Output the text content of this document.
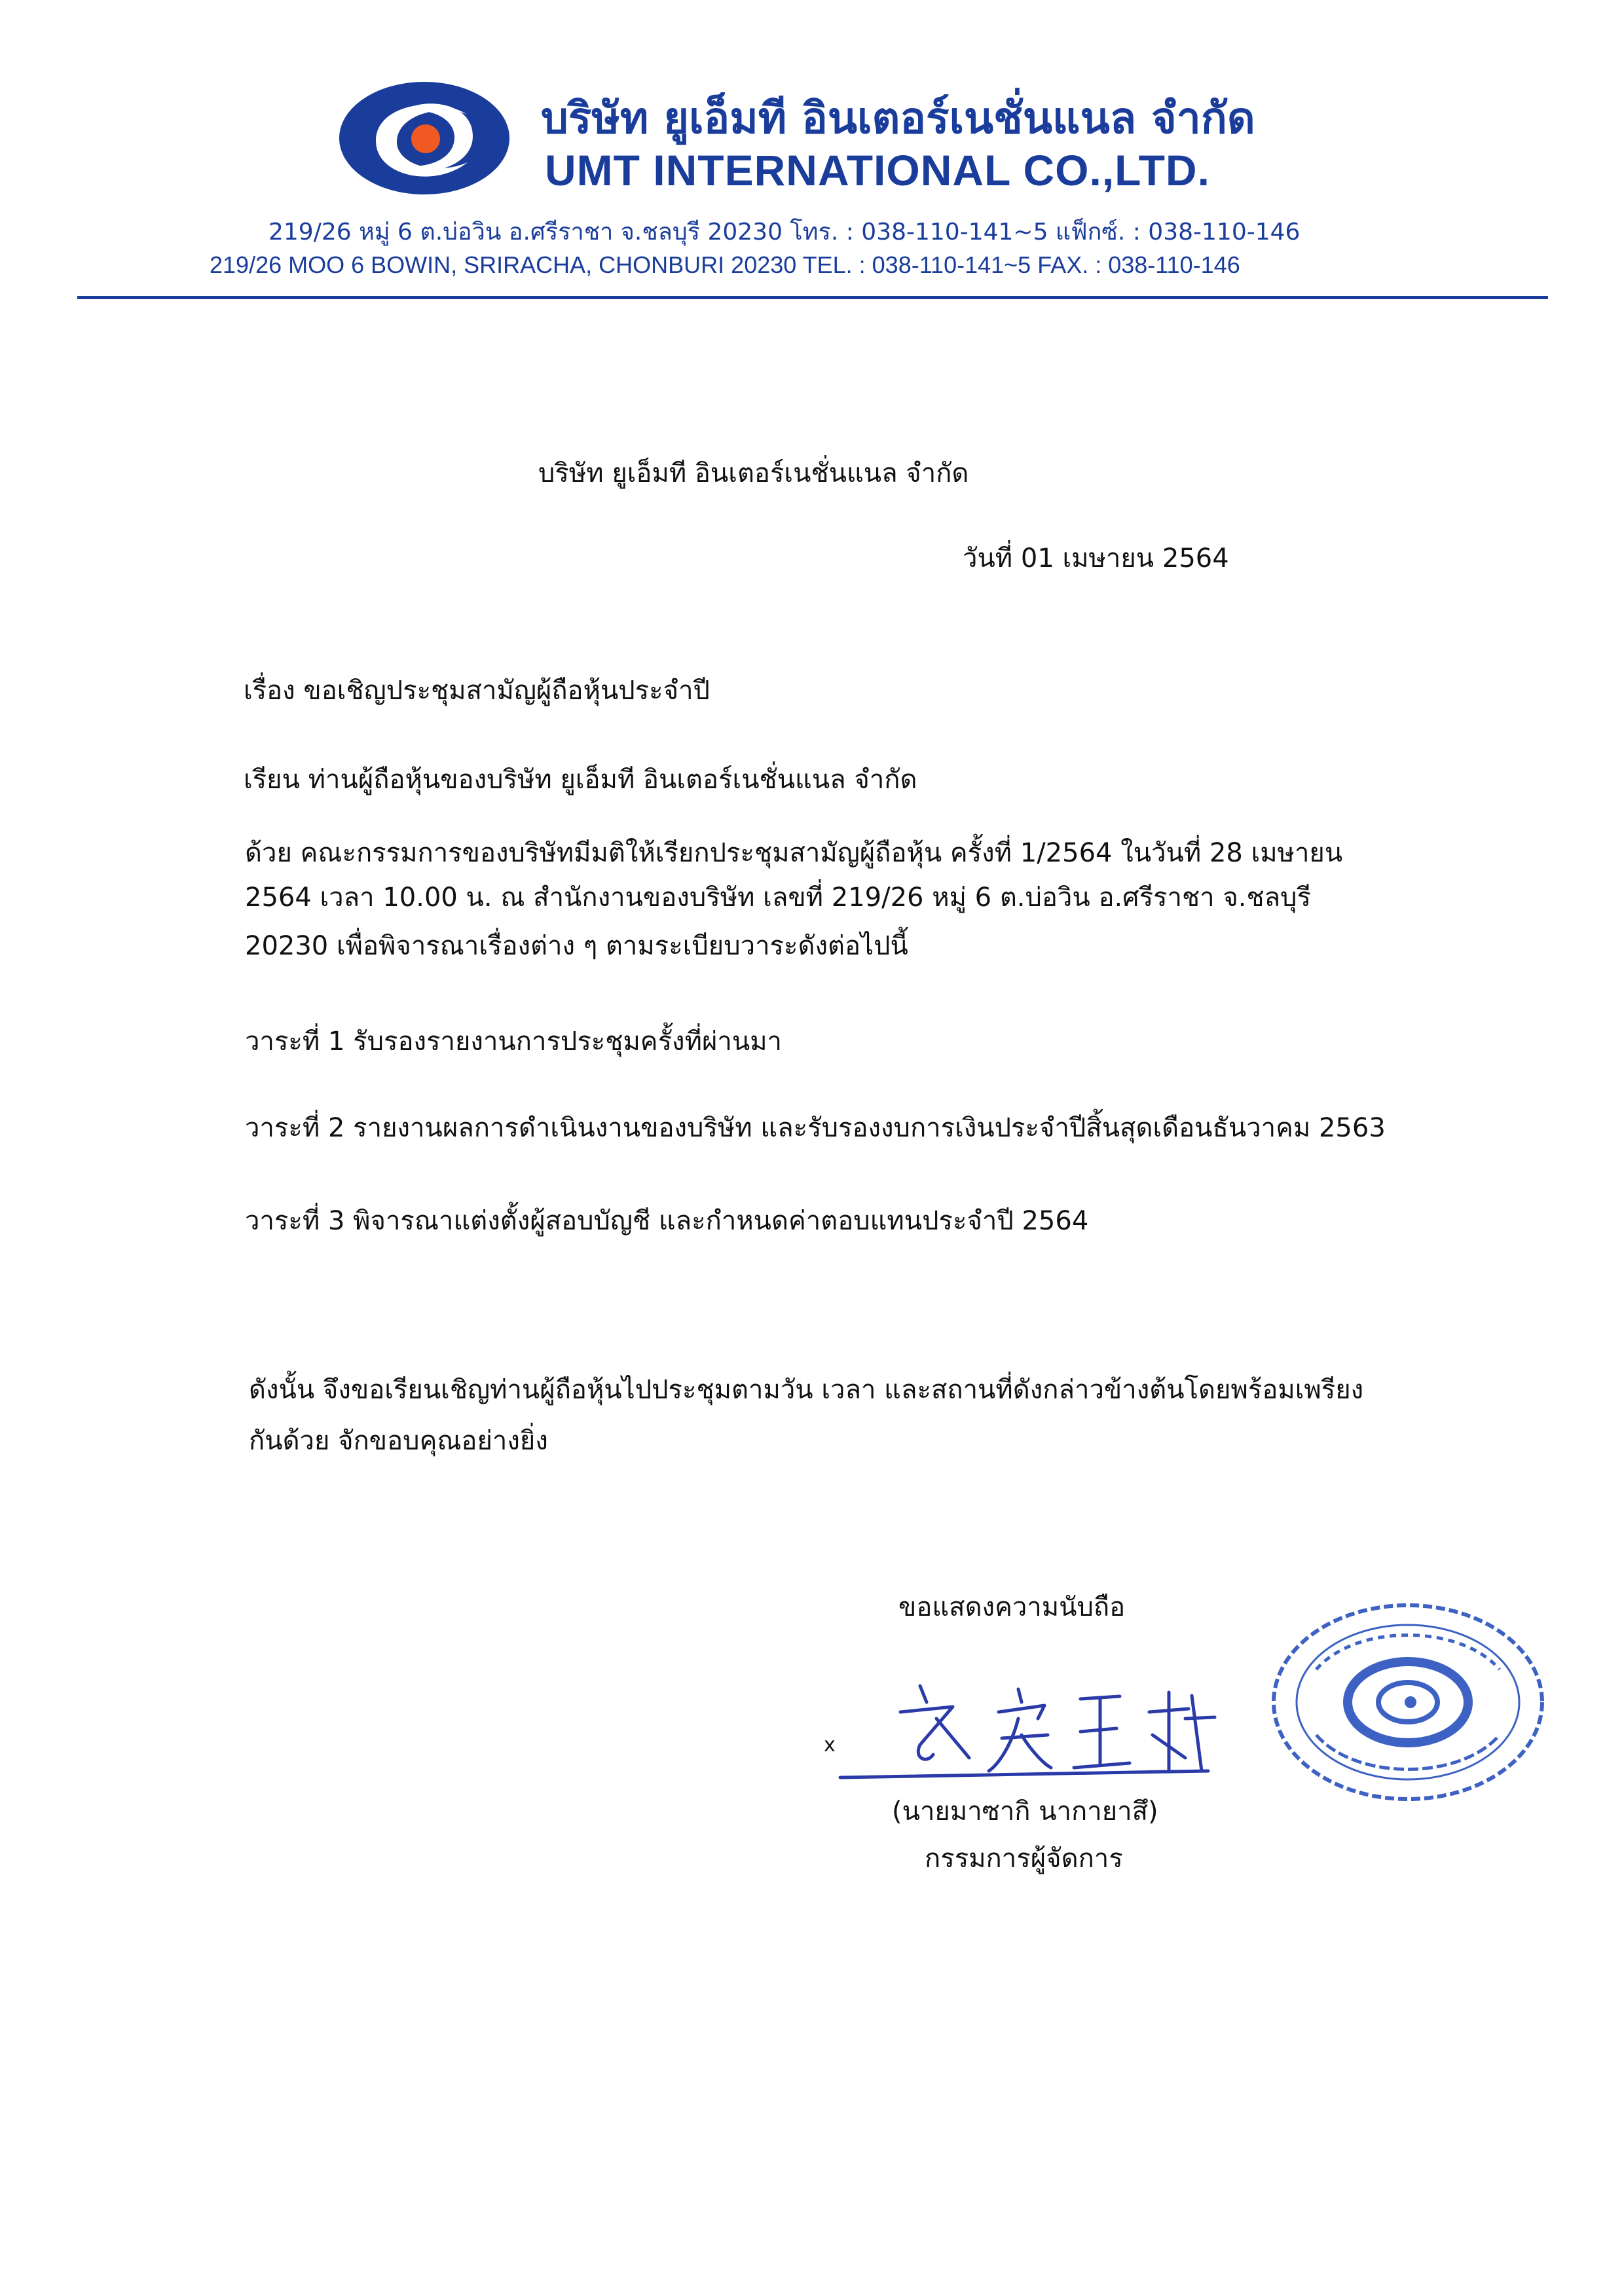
บริษัท ยูเอ็มที อินเตอร์เนชั่นแนล จำกัด
UMT INTERNATIONAL CO.,LTD.
219/26 หมู่ 6 ต.บ่อวิน อ.ศรีราชา จ.ชลบุรี 20230 โทร. : 038-110-141~5 แฟ็กซ์. : 038-110-146
219/26 MOO 6 BOWIN, SRIRACHA, CHONBURI 20230 TEL. : 038-110-141~5 FAX. : 038-110-146
บริษัท ยูเอ็มที อินเตอร์เนชั่นแนล จำกัด
วันที่ 01 เมษายน 2564
เรื่อง ขอเชิญประชุมสามัญผู้ถือหุ้นประจำปี
เรียน ท่านผู้ถือหุ้นของบริษัท ยูเอ็มที อินเตอร์เนชั่นแนล จำกัด
ด้วย คณะกรรมการของบริษัทมีมติให้เรียกประชุมสามัญผู้ถือหุ้น ครั้งที่ 1/2564 ในวันที่ 28 เมษายน
2564 เวลา 10.00 น. ณ สำนักงานของบริษัท เลขที่ 219/26 หมู่ 6 ต.บ่อวิน อ.ศรีราชา จ.ชลบุรี
20230 เพื่อพิจารณาเรื่องต่าง ๆ ตามระเบียบวาระดังต่อไปนี้
วาระที่ 1 รับรองรายงานการประชุมครั้งที่ผ่านมา
วาระที่ 2 รายงานผลการดำเนินงานของบริษัท และรับรองงบการเงินประจำปีสิ้นสุดเดือนธันวาคม 2563
วาระที่ 3 พิจารณาแต่งตั้งผู้สอบบัญชี และกำหนดค่าตอบแทนประจำปี 2564
ดังนั้น จึงขอเรียนเชิญท่านผู้ถือหุ้นไปประชุมตามวัน เวลา และสถานที่ดังกล่าวข้างต้นโดยพร้อมเพรียง
กันด้วย จักขอบคุณอย่างยิ่ง
ขอแสดงความนับถือ
x
(นายมาซากิ นากายาสึ)
กรรมการผู้จัดการ
